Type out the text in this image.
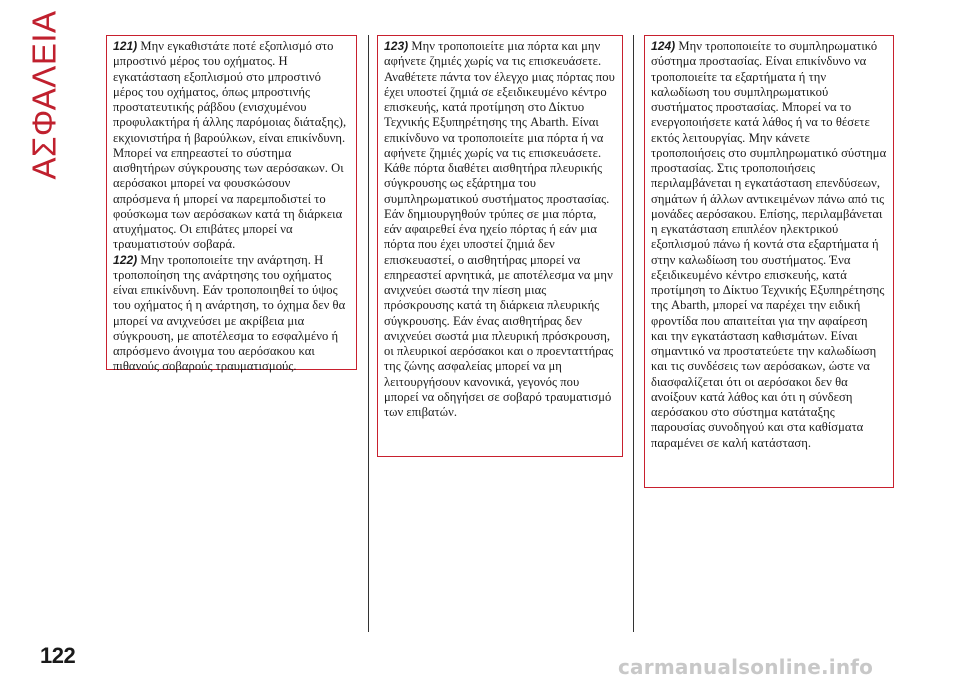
ΑΣΦΑΛΕΙΑ	121) Μην εγκαθιστάτε ποτέ εξοπλισμό στο μπροστινό μέρος του οχήματος. Η εγκατάσταση εξοπλισμού στο μπροστινό μέρος του οχήματος, όπως μπροστινής προστατευτικής ράβδου (ενισχυμένου προφυλακτήρα ή άλλης παρόμοιας διάταξης), εκχιονιστήρα ή βαρούλκων, είναι επικίνδυνη. Μπορεί να επηρεαστεί το σύστημα αισθητήρων σύγκρουσης των αερόσακων. Οι αερόσακοι μπορεί να φουσκώσουν απρόσμενα ή μπορεί να παρεμποδιστεί το φούσκωμα των αερόσακων κατά τη διάρκεια ατυχήματος. Οι επιβάτες μπορεί να τραυματιστούν σοβαρά.

122) Μην τροποποιείτε την ανάρτηση. Η τροποποίηση της ανάρτησης του οχήματος είναι επικίνδυνη. Εάν τροποποιηθεί το ύψος του οχήματος ή η ανάρτηση, το όχημα δεν θα μπορεί να ανιχνεύσει με ακρίβεια μια σύγκρουση, με αποτέλεσμα το εσφαλμένο ή απρόσμενο άνοιγμα του αερόσακου και πιθανούς σοβαρούς τραυματισμούς.

123) Μην τροποποιείτε μια πόρτα και μην αφήνετε ζημιές χωρίς να τις επισκευάσετε. Αναθέτετε πάντα τον έλεγχο μιας πόρτας που έχει υποστεί ζημιά σε εξειδικευμένο κέντρο επισκευής, κατά προτίμηση στο Δίκτυο Τεχνικής Εξυπηρέτησης της Abarth. Είναι επικίνδυνο να τροποποιείτε μια πόρτα ή να αφήνετε ζημιές χωρίς να τις επισκευάσετε. Κάθε πόρτα διαθέτει αισθητήρα πλευρικής σύγκρουσης ως εξάρτημα του συμπληρωματικού συστήματος προστασίας. Εάν δημιουργηθούν τρύπες σε μια πόρτα, εάν αφαιρεθεί ένα ηχείο πόρτας ή εάν μια πόρτα που έχει υποστεί ζημιά δεν επισκευαστεί, ο αισθητήρας μπορεί να επηρεαστεί αρνητικά, με αποτέλεσμα να μην ανιχνεύει σωστά την πίεση μιας πρόσκρουσης κατά τη διάρκεια πλευρικής σύγκρουσης. Εάν ένας αισθητήρας δεν ανιχνεύει σωστά μια πλευρική πρόσκρουση, οι πλευρικοί αερόσακοι και ο προενταττήρας της ζώνης ασφαλείας μπορεί να μη λειτουργήσουν κανονικά, γεγονός που μπορεί να οδηγήσει σε σοβαρό τραυματισμό των επιβατών.

124) Μην τροποποιείτε το συμπληρωματικό σύστημα προστασίας. Είναι επικίνδυνο να τροποποιείτε τα εξαρτήματα ή την καλωδίωση του συμπληρωματικού συστήματος προστασίας. Μπορεί να το ενεργοποιήσετε κατά λάθος ή να το θέσετε εκτός λειτουργίας. Μην κάνετε τροποποιήσεις στο συμπληρωματικό σύστημα προστασίας. Στις τροποποιήσεις περιλαμβάνεται η εγκατάσταση επενδύσεων, σημάτων ή άλλων αντικειμένων πάνω από τις μονάδες αερόσακου. Επίσης, περιλαμβάνεται η εγκατάσταση επιπλέον ηλεκτρικού εξοπλισμού πάνω ή κοντά στα εξαρτήματα ή στην καλωδίωση του συστήματος. Ένα εξειδικευμένο κέντρο επισκευής, κατά προτίμηση το Δίκτυο Τεχνικής Εξυπηρέτησης της Abarth, μπορεί να παρέχει την ειδική φροντίδα που απαιτείται για την αφαίρεση και την εγκατάσταση καθισμάτων. Είναι σημαντικό να προστατεύετε την καλωδίωση και τις συνδέσεις των αερόσακων, ώστε να διασφαλίζεται ότι οι αερόσακοι δεν θα ανοίξουν κατά λάθος και ότι η σύνδεση αερόσακου στο σύστημα κατάταξης παρουσίας συνοδηγού και στα καθίσματα παραμένει σε καλή κατάσταση.

122	carmanualsonline.info
